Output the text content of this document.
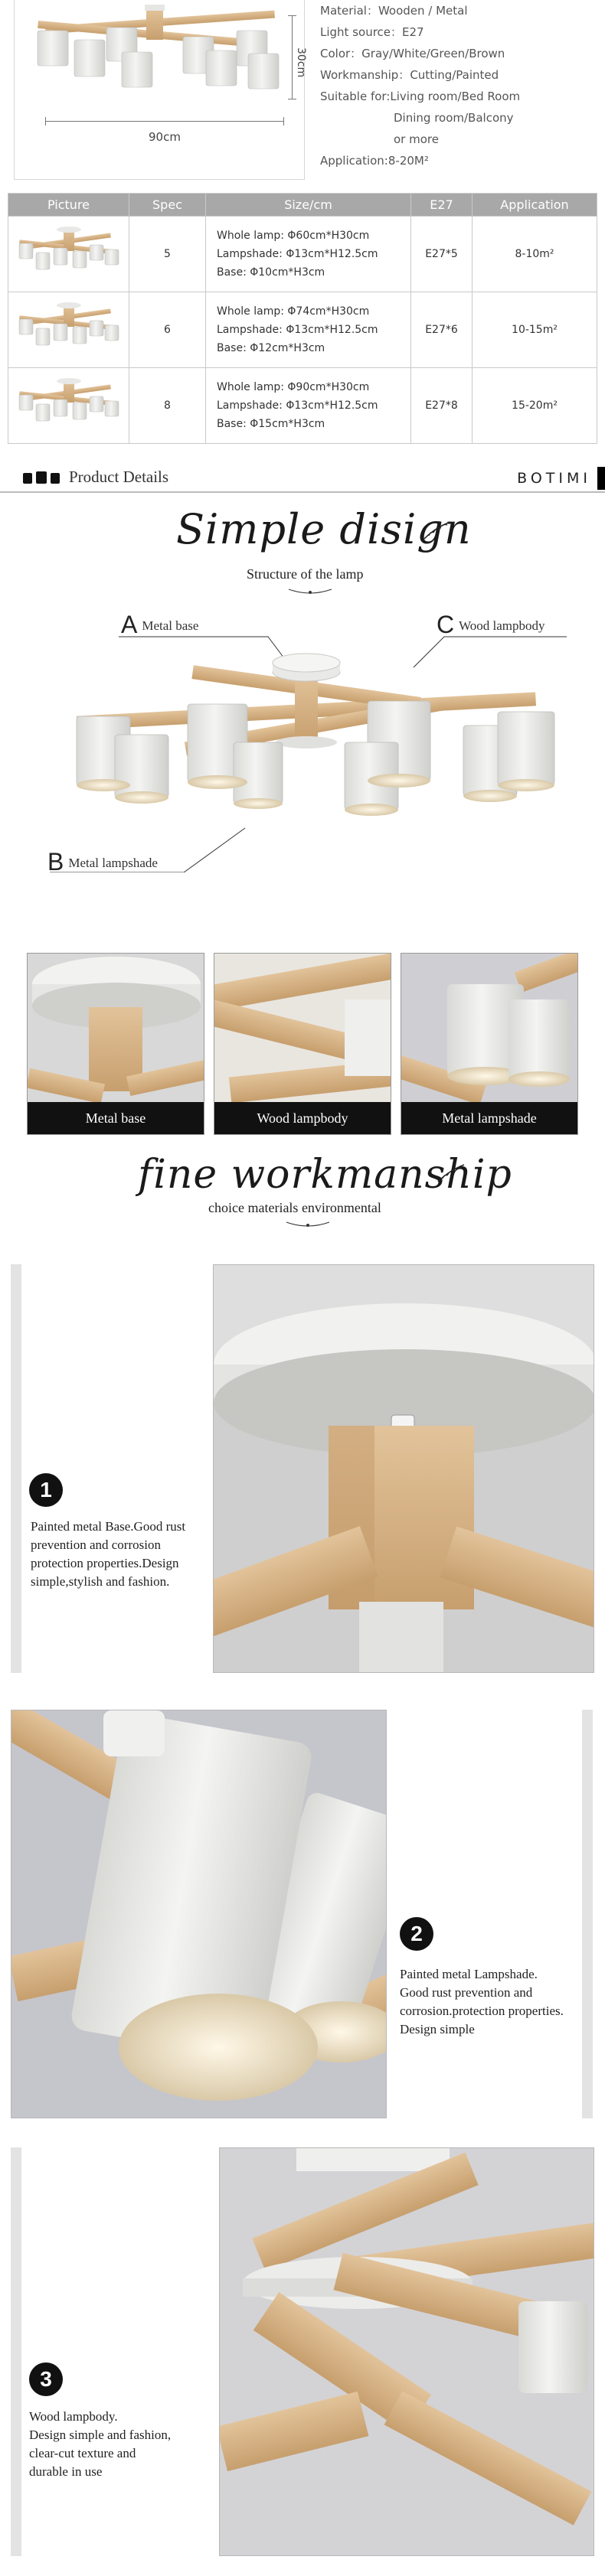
90cm
30cm
Material： Wooden / Metal
Light source： E27
Color： Gray/White/Green/Brown
Workmanship： Cutting/Painted
Suitable for: Living room/Bed Room
Dining room/Balcony
or more
Application: 8-20M²
Picture	Spec	Size/cm	E27	Application
	5	Whole lamp: Φ60cm*H30cm
Lampshade: Φ13cm*H12.5cm
Base: Φ10cm*H3cm	E27*5	8-10m²
	6	Whole lamp: Φ74cm*H30cm
Lampshade: Φ13cm*H12.5cm
Base: Φ12cm*H3cm	E27*6	10-15m²
	8	Whole lamp: Φ90cm*H30cm
Lampshade: Φ13cm*H12.5cm
Base: Φ15cm*H3cm	E27*8	15-20m²
Product Details	BOTIMI
Simple disign
Structure of the lamp
A Metal base	C Wood lampbody
B Metal lampshade
Metal base	Wood lampbody	Metal lampshade
fine workmanship
choice materials environmental
1
Painted metal Base.Good rust
prevention and corrosion
protection properties.Design
simple,stylish and fashion.
2
Painted metal Lampshade.
Good rust prevention and
corrosion.protection properties.
Design simple
3
Wood lampbody.
Design simple and fashion,
clear-cut texture and
durable in use
